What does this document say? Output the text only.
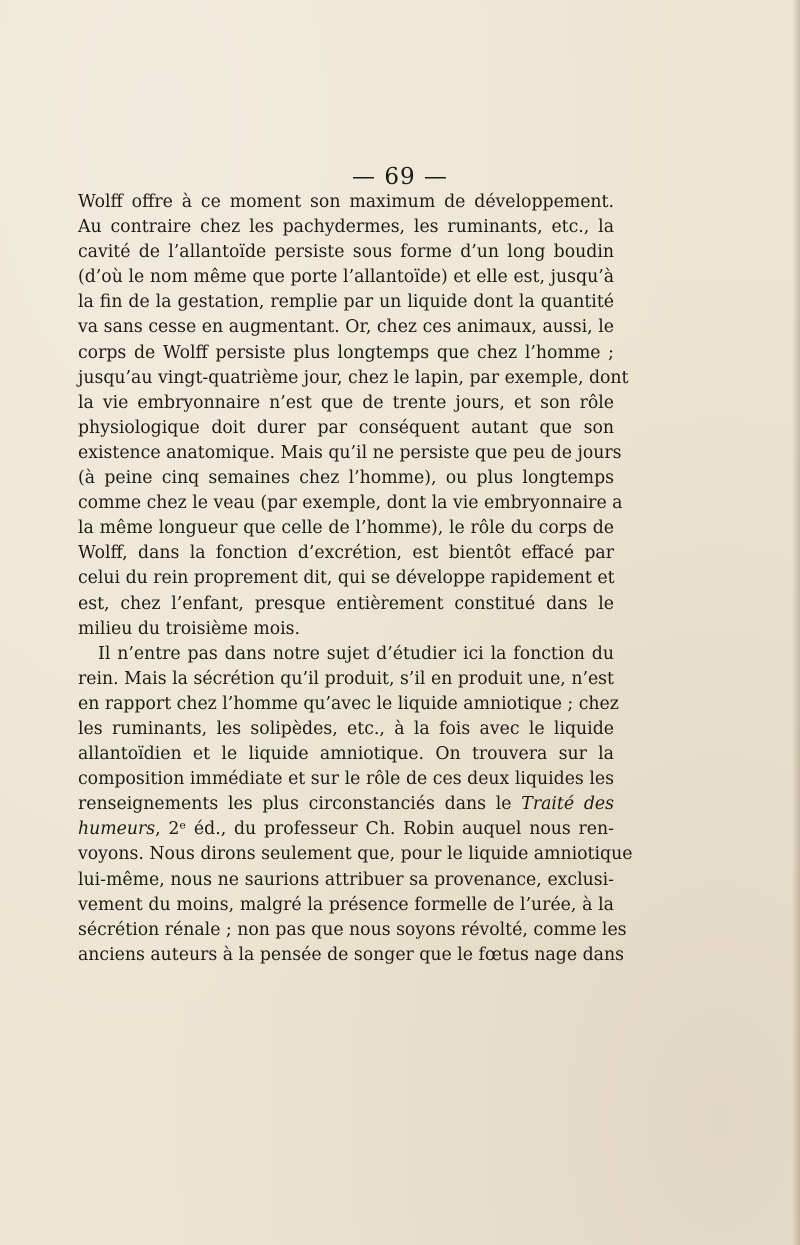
— 69 —
Wolff offre à ce moment son maximum de développement.
Au contraire chez les pachydermes, les ruminants, etc., la
cavité de l’allantoïde persiste sous forme d’un long boudin
(d’où le nom même que porte l’allantoïde) et elle est, jusqu’à
la fin de la gestation, remplie par un liquide dont la quantité
va sans cesse en augmentant. Or, chez ces animaux, aussi, le
corps de Wolff persiste plus longtemps que chez l’homme ;
jusqu’au vingt-quatrième jour, chez le lapin, par exemple, dont
la vie embryonnaire n’est que de trente jours, et son rôle
physiologique doit durer par conséquent autant que son
existence anatomique. Mais qu’il ne persiste que peu de jours
(à peine cinq semaines chez l’homme), ou plus longtemps
comme chez le veau (par exemple, dont la vie embryonnaire a
la même longueur que celle de l’homme), le rôle du corps de
Wolff, dans la fonction d’excrétion, est bientôt effacé par
celui du rein proprement dit, qui se développe rapidement et
est, chez l’enfant, presque entièrement constitué dans le
milieu du troisième mois.
Il n’entre pas dans notre sujet d’étudier ici la fonction du
rein. Mais la sécrétion qu’il produit, s’il en produit une, n’est
en rapport chez l’homme qu’avec le liquide amniotique ; chez
les ruminants, les solipèdes, etc., à la fois avec le liquide
allantoïdien et le liquide amniotique. On trouvera sur la
composition immédiate et sur le rôle de ces deux liquides les
renseignements les plus circonstanciés dans le Traité des
humeurs, 2ᵉ éd., du professeur Ch. Robin auquel nous ren-
voyons. Nous dirons seulement que, pour le liquide amniotique
lui-même, nous ne saurions attribuer sa provenance, exclusi-
vement du moins, malgré la présence formelle de l’urée, à la
sécrétion rénale ; non pas que nous soyons révolté, comme les
anciens auteurs à la pensée de songer que le fœtus nage dans
